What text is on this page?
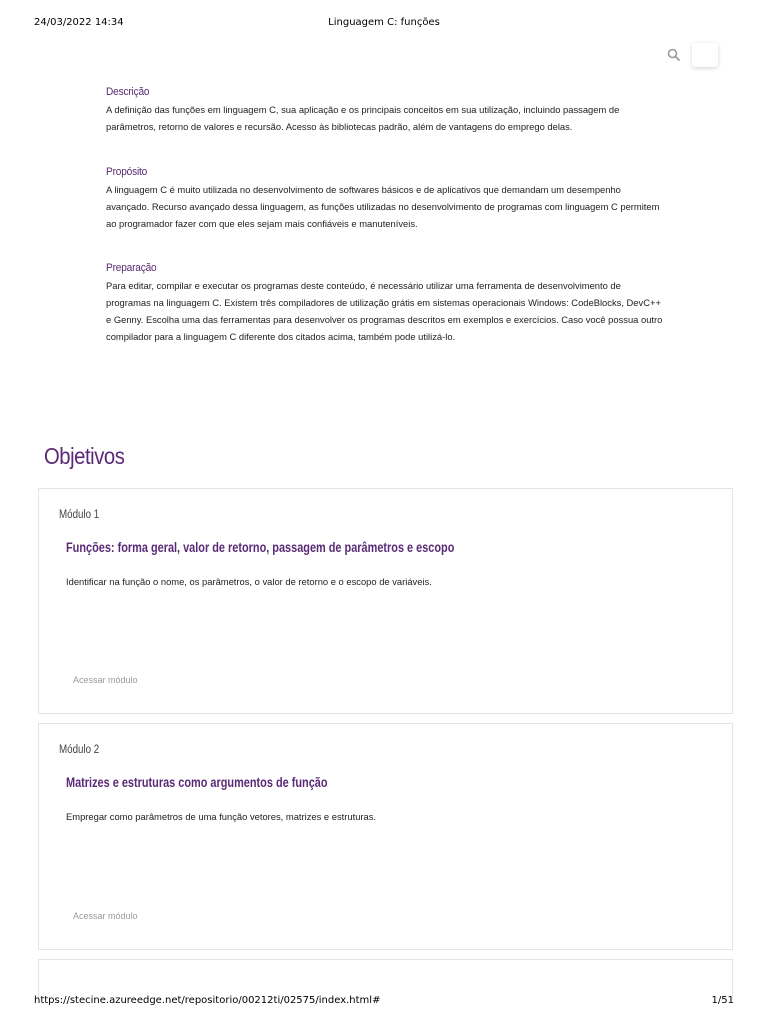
24/03/2022 14:34	Linguagem C: funções
Descrição

A definição das funções em linguagem C, sua aplicação e os principais conceitos em sua utilização, incluindo passagem de parâmetros, retorno de valores e recursão. Acesso às bibliotecas padrão, além de vantagens do emprego delas.

Propósito

A linguagem C é muito utilizada no desenvolvimento de softwares básicos e de aplicativos que demandam um desempenho avançado. Recurso avançado dessa linguagem, as funções utilizadas no desenvolvimento de programas com linguagem C permitem ao programador fazer com que eles sejam mais confiáveis e manuteníveis.

Preparação

Para editar, compilar e executar os programas deste conteúdo, é necessário utilizar uma ferramenta de desenvolvimento de programas na linguagem C. Existem três compiladores de utilização grátis em sistemas operacionais Windows: CodeBlocks, DevC++ e Genny. Escolha uma das ferramentas para desenvolver os programas descritos em exemplos e exercícios. Caso você possua outro compilador para a linguagem C diferente dos citados acima, também pode utilizá-lo.

Objetivos
Módulo 1
Funções: forma geral, valor de retorno, passagem de parâmetros e escopo

Identificar na função o nome, os parâmetros, o valor de retorno e o escopo de variáveis.

Acessar módulo
Módulo 2
Matrizes e estruturas como argumentos de função

Empregar como parâmetros de uma função vetores, matrizes e estruturas.

Acessar módulo
https://stecine.azureedge.net/repositorio/00212ti/02575/index.html#	1/51
